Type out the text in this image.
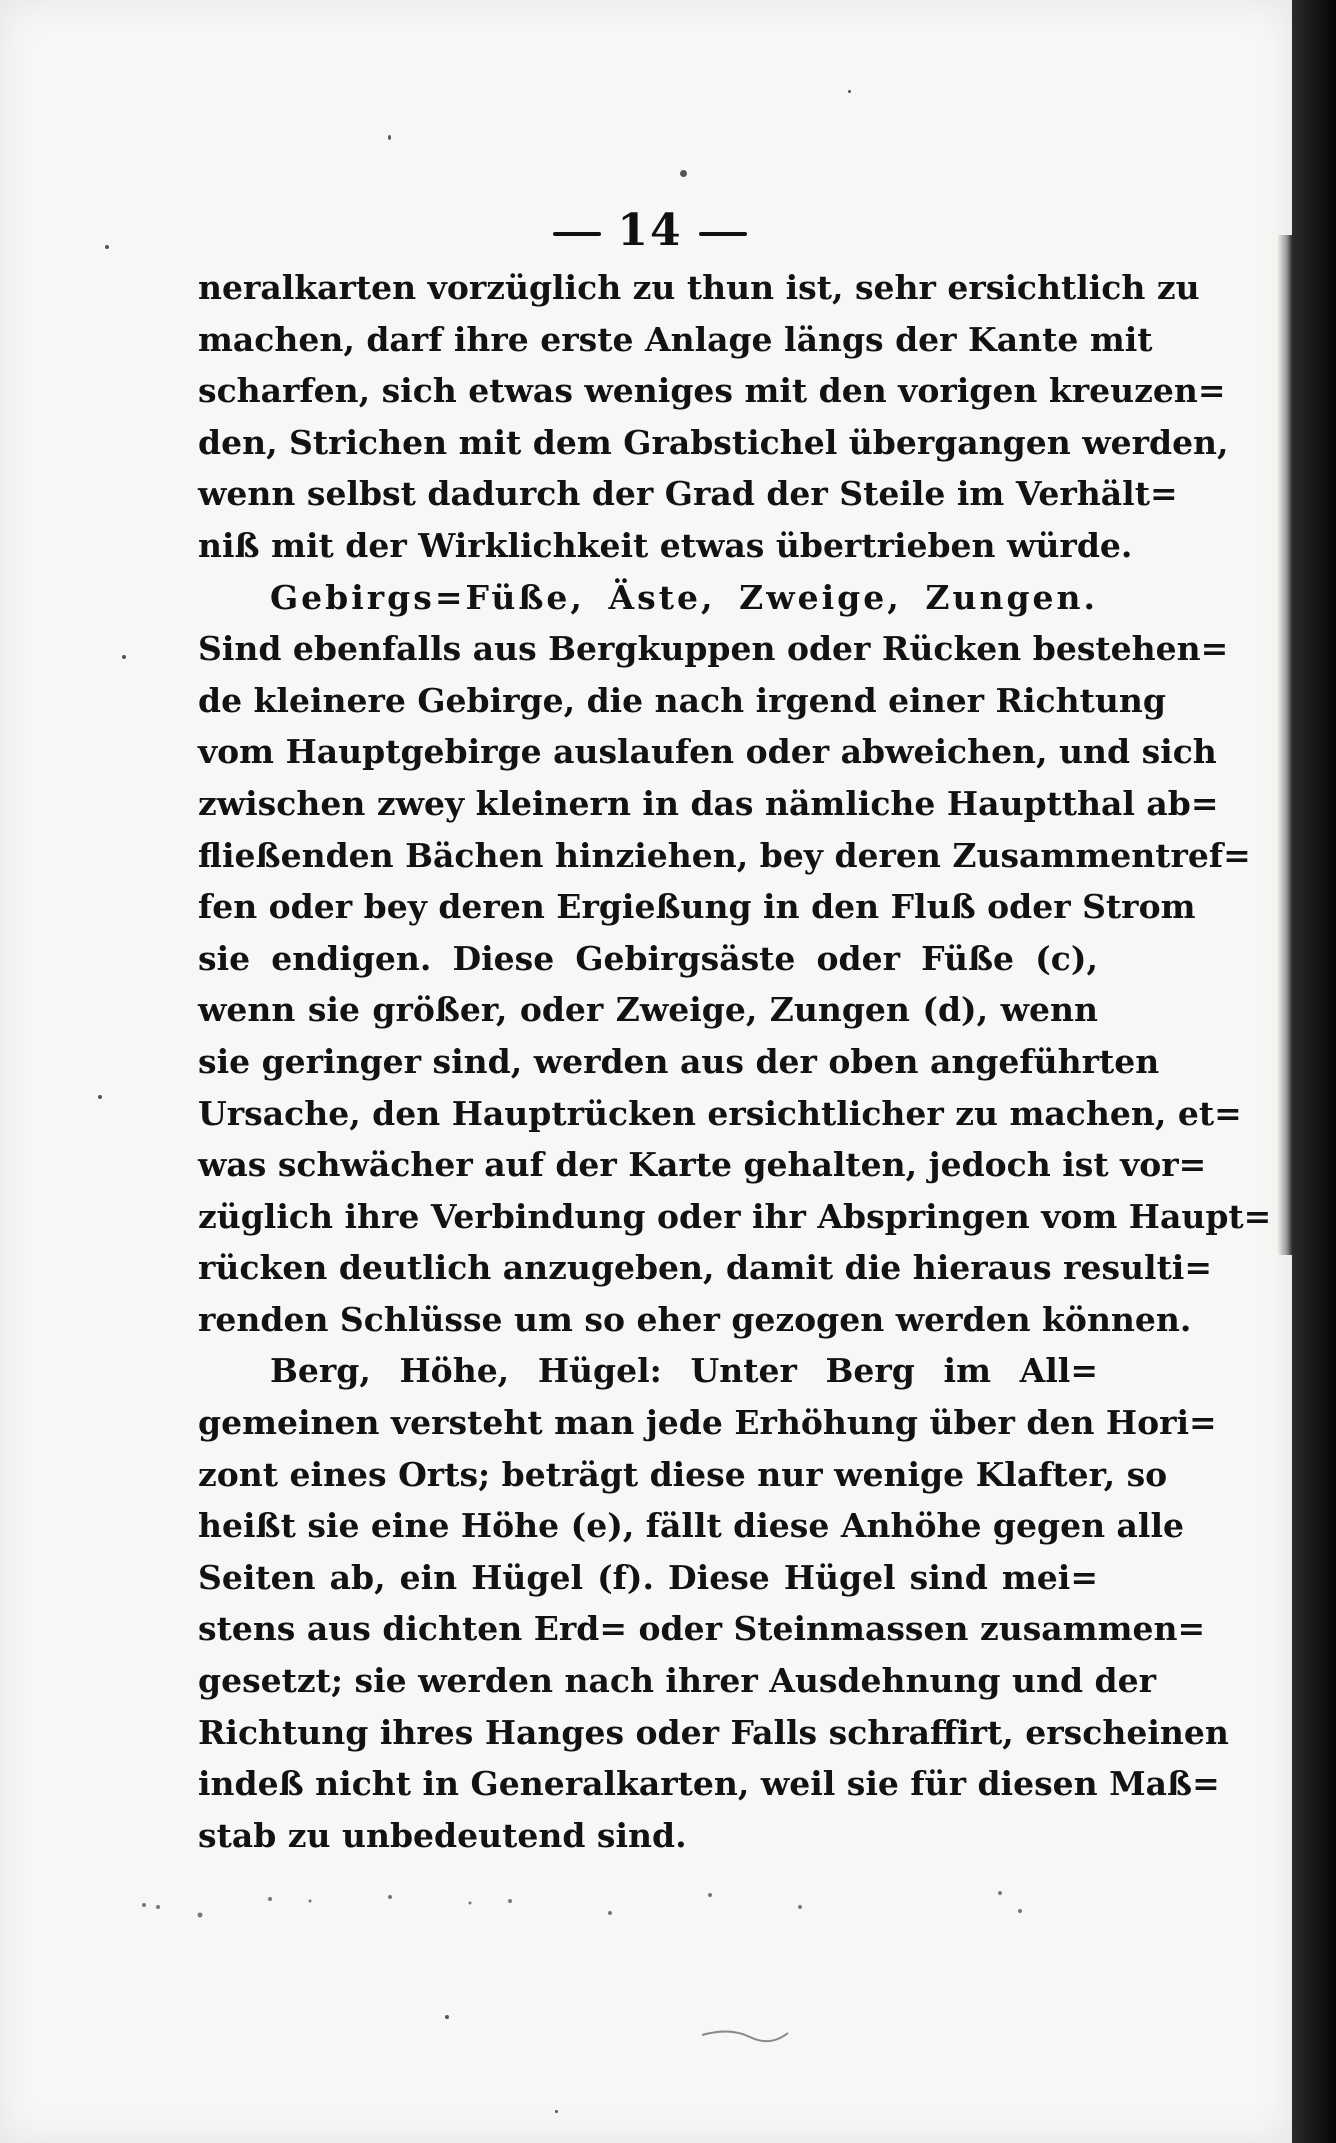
14
neralkarten vorzüglich zu thun ist, sehr ersichtlich zu
machen, darf ihre erste Anlage längs der Kante mit
scharfen, sich etwas weniges mit den vorigen kreuzen=
den, Strichen mit dem Grabstichel übergangen werden,
wenn selbst dadurch der Grad der Steile im Verhält=
niß mit der Wirklichkeit etwas übertrieben würde.
Gebirgs=Füße, Äste, Zweige, Zungen.
Sind ebenfalls aus Bergkuppen oder Rücken bestehen=
de kleinere Gebirge, die nach irgend einer Richtung
vom Hauptgebirge auslaufen oder abweichen, und sich
zwischen zwey kleinern in das nämliche Hauptthal ab=
fließenden Bächen hinziehen, bey deren Zusammentref=
fen oder bey deren Ergießung in den Fluß oder Strom
sie endigen. Diese Gebirgsäste oder Füße (c),
wenn sie größer, oder Zweige, Zungen (d), wenn
sie geringer sind, werden aus der oben angeführten
Ursache, den Hauptrücken ersichtlicher zu machen, et=
was schwächer auf der Karte gehalten, jedoch ist vor=
züglich ihre Verbindung oder ihr Abspringen vom Haupt=
rücken deutlich anzugeben, damit die hieraus resulti=
renden Schlüsse um so eher gezogen werden können.
Berg, Höhe, Hügel: Unter Berg im All=
gemeinen versteht man jede Erhöhung über den Hori=
zont eines Orts; beträgt diese nur wenige Klafter, so
heißt sie eine Höhe (e), fällt diese Anhöhe gegen alle
Seiten ab, ein Hügel (f). Diese Hügel sind mei=
stens aus dichten Erd= oder Steinmassen zusammen=
gesetzt; sie werden nach ihrer Ausdehnung und der
Richtung ihres Hanges oder Falls schraffirt, erscheinen
indeß nicht in Generalkarten, weil sie für diesen Maß=
stab zu unbedeutend sind.
